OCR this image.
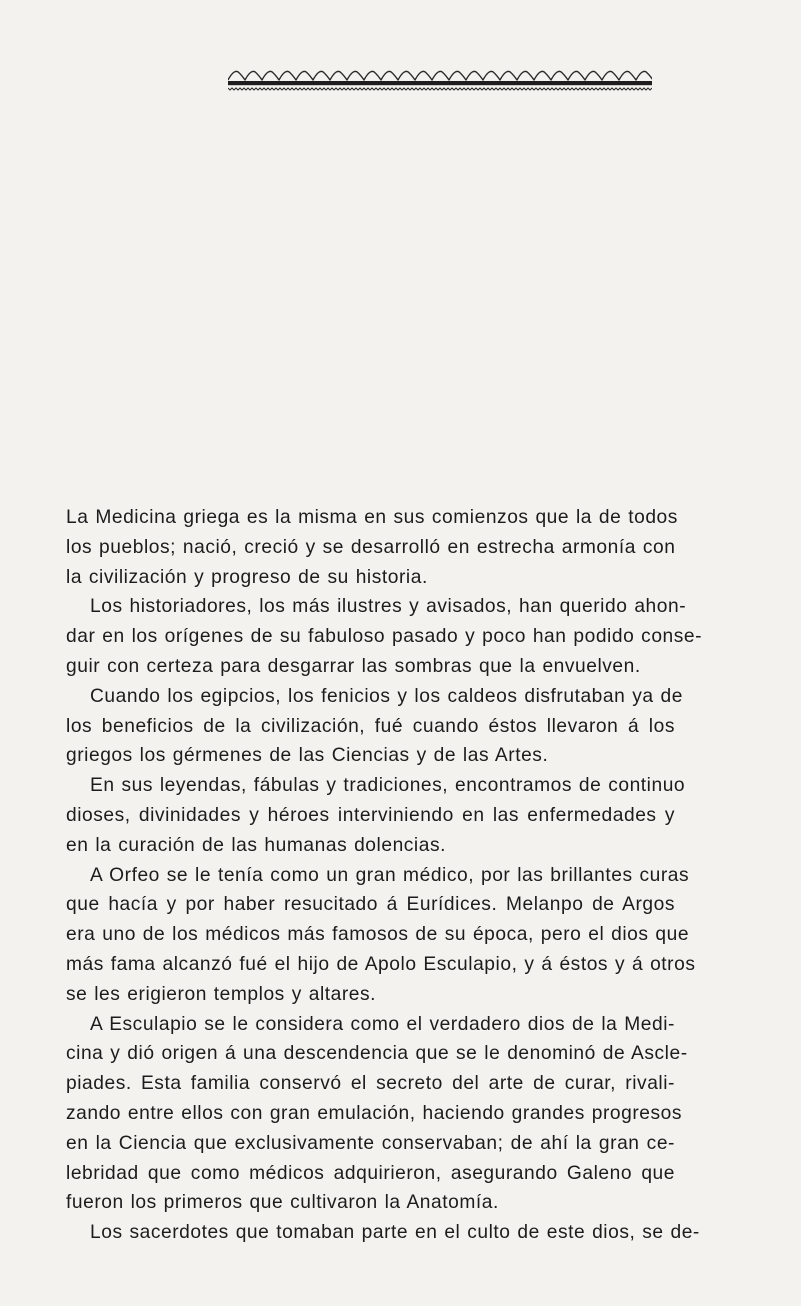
La Medicina griega es la misma en sus comienzos que la de todos
los pueblos; nació, creció y se desarrolló en estrecha armonía con
la civilización y progreso de su historia.
Los historiadores, los más ilustres y avisados, han querido ahon-
dar en los orígenes de su fabuloso pasado y poco han podido conse-
guir con certeza para desgarrar las sombras que la envuelven.
Cuando los egipcios, los fenicios y los caldeos disfrutaban ya de
los beneficios de la civilización, fué cuando éstos llevaron á los
griegos los gérmenes de las Ciencias y de las Artes.
En sus leyendas, fábulas y tradiciones, encontramos de continuo
dioses, divinidades y héroes interviniendo en las enfermedades y
en la curación de las humanas dolencias.
A Orfeo se le tenía como un gran médico, por las brillantes curas
que hacía y por haber resucitado á Eurídices. Melanpo de Argos
era uno de los médicos más famosos de su época, pero el dios que
más fama alcanzó fué el hijo de Apolo Esculapio, y á éstos y á otros
se les erigieron templos y altares.
A Esculapio se le considera como el verdadero dios de la Medi-
cina y dió origen á una descendencia que se le denominó de Ascle-
piades. Esta familia conservó el secreto del arte de curar, rivali-
zando entre ellos con gran emulación, haciendo grandes progresos
en la Ciencia que exclusivamente conservaban; de ahí la gran ce-
lebridad que como médicos adquirieron, asegurando Galeno que
fueron los primeros que cultivaron la Anatomía.
Los sacerdotes que tomaban parte en el culto de este dios, se de-
